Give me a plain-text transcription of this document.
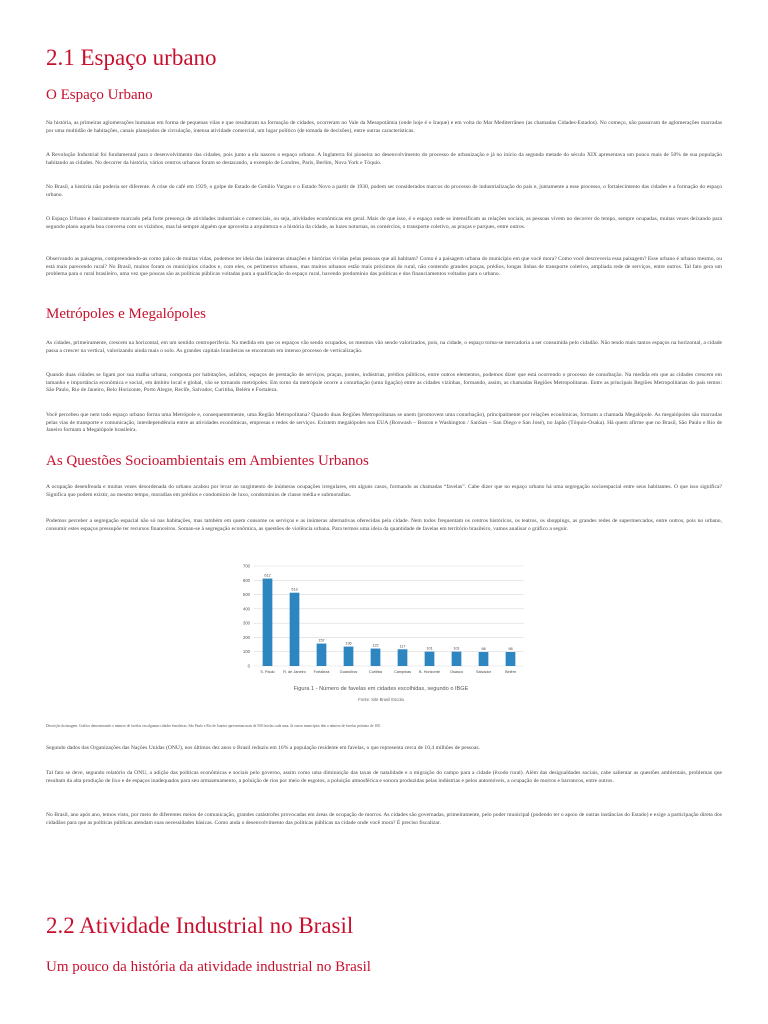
2.1 Espaço urbano
O Espaço Urbano

Na história, as primeiras aglomerações humanas em forma de pequenas vilas e que resultaram na formação de cidades, ocorreram no Vale da Mesopotâmia (onde hoje é o Iraque) e em volta do Mar Mediterrâneo (as chamadas Cidades-Estados). No começo, não passavam de aglomerações marcadas por uma multidão de habitações, canais planejados de circulação, intensa atividade comercial, um lugar político (de tomada de decisões), entre outras características.

A Revolução Industrial foi fundamental para o desenvolvimento das cidades, pois junto a ela nasceu o espaço urbano. A Inglaterra foi pioneira no desenvolvimento do processo de urbanização e já no início da segunda metade do século XIX apresentava um pouco mais de 50% de sua população habitando as cidades. No decorrer da história, vários centros urbanos foram se destacando, a exemplo de Londres, Paris, Berlim, Nova York e Tóquio.

No Brasil, a história não poderia ser diferente. A crise do café em 1929, o golpe de Estado de Getúlio Vargas e o Estado Novo a partir de 1930, podem ser considerados marcos do processo de industrialização do país e, juntamente a esse processo, o fortalecimento das cidades e a formação do espaço urbano.

O Espaço Urbano é basicamente marcado pela forte presença de atividades industriais e comerciais, ou seja, atividades econômicas em geral. Mais do que isso, é o espaço onde se intensificam as relações sociais, as pessoas vivem no decorrer do tempo, sempre ocupadas, muitas vezes deixando para segundo plano aquela boa conversa com os vizinhos, mas há sempre alguém que aproveita a arquitetura e a história da cidade, as luzes noturnas, os comércios, o transporte coletivo, as praças e parques, entre outros.

Observando as paisagens, compreendendo-as como palco de muitas vidas, podemos ter ideia das inúmeras situações e histórias vividas pelas pessoas que ali habitam? Como é a paisagem urbana do município em que você mora? Como você descreveria essa paisagem? Esse urbano é urbano mesmo, ou está mais parecendo rural? No Brasil, muitos foram os municípios criados e, com eles, os perímetros urbanos, mas muitos urbanos estão mais próximos do rural, não contendo grandes praças, prédios, longas linhas de transporte coletivo, ampliada rede de serviços, entre outros. Tal fato gera um problema para o rural brasileiro, uma vez que poucas são as políticas públicas voltadas para a qualificação do espaço rural, havendo predomínio das políticas e dos financiamentos voltados para o urbano.

Metrópoles e Megalópoles

As cidades, primeiramente, crescem na horizontal, em um sentido centroperiferia. Na medida em que os espaços vão sendo ocupados, os mesmos vão sendo valorizados, pois, na cidade, o espaço torna-se mercadoria a ser consumida pelo cidadão. Não tendo mais tantos espaços na horizontal, a cidade passa a crescer na vertical, valorizando ainda mais o solo. As grandes capitais brasileiras se encontram em intenso processo de verticalização.

Quando duas cidades se ligam por sua malha urbana, composta por habitações, asfaltos, espaços de prestação de serviços, praças, pontes, indústrias, prédios públicos, entre outros elementos, podemos dizer que está ocorrendo o processo de conurbação. Na medida em que as cidades crescem em tamanho e importância econômica e social, em âmbito local e global, vão se tornando metrópoles. Em torno da metrópole ocorre a conurbação (uma ligação) entre as cidades vizinhas, formando, assim, as chamadas Regiões Metropolitanas. Entre as principais Regiões Metropolitanas do país temos: São Paulo, Rio de Janeiro, Belo Horizonte, Porto Alegre, Recife, Salvador, Curitiba, Belém e Fortaleza.

Você percebeu que nem todo espaço urbano forma uma Metrópole e, consequentemente, uma Região Metropolitana? Quando duas Regiões Metropolitanas se unem (promovem uma conurbação), principalmente por relações econômicas, formam a chamada Megalópole. As megalópoles são marcadas pelas vias de transporte e comunicação, interdependência entre as atividades econômicas, empresas e redes de serviços. Existem megalópoles nos EUA (Boswash – Boston e Washington / SanSan – San Diego e San José), no Japão (Tóquio-Osaka). Há quem afirme que no Brasil, São Paulo e Rio de Janeiro formam a Megalópole brasileira.

As Questões Socioambientais em Ambientes Urbanos

A ocupação desenfreada e muitas vezes desordenada do urbano acabou por levar ao surgimento de inúmeras ocupações irregulares, em alguns casos, formando as chamadas “favelas”. Cabe dizer que no espaço urbano há uma segregação socioespacial entre seus habitantes. O que isso significa? Significa que podem existir, ao mesmo tempo, moradias em prédios e condomínio de luxo, condomínios de classe média e submoradias.

Podemos perceber a segregação espacial não só nas habitações, mas também em quem consome os serviços e as inúmeras alternativas oferecidas pela cidade. Nem todos frequentam os centros históricos, os teatros, os shoppings, as grandes redes de supermercados, entre outros, pois no urbano, consumir estes espaços pressupõe ter recursos financeiros. Soman-se à segregação econômica, as questões de violência urbana. Para termos uma ideia da quantidade de favelas em território brasileiro, vamos analisar o gráfico a seguir.

0
100
200
300
400
500
600
700
612
S. Paulo
513
R. de Janeiro
157
Fortaleza
136
Guarulhos
122
Curitiba
117
Campinas
101
B. Horizonte
101
Osasco
98
Salvador
98
Belém
Figura 1 - Número de favelas em cidades escolhidas, segundo o IBGE
Fonte: Site Brasil Escola

Descrição da imagem: Gráfico demonstrando o número de favelas em algumas cidades brasileiras. São Paulo e Rio de Janeiro apresentam mais de 500 favelas cada uma. Já outros municípios têm o número de favelas próximo de 100.

Segundo dados das Organizações das Nações Unidas (ONU), nos últimos dez anos o Brasil reduziu em 16% a população residente em favelas, o que representa cerca de 10,4 milhões de pessoas.

Tal fato se deve, segundo relatório da ONU, a adição das políticas econômicas e sociais pelo governo, assim como uma diminuição das taxas de natalidade e a migração do campo para a cidade (êxodo rural). Além das desigualdades sociais, cabe salientar as questões ambientais, problemas que resultam da alta produção de lixo e de espaços inadequados para seu armazenamento, a poluição de rios por meio de esgotos, a poluição atmosférica e sonora produzidas pelas indústrias e pelos automóveis, a ocupação de morros e barrancos, entre outros.

No Brasil, ano após ano, temos visto, por meio de diferentes meios de comunicação, grandes catástrofes provocadas em áreas de ocupação de morros. As cidades são governadas, primeiramente, pelo poder municipal (podendo ter o apoio de outras instâncias do Estado) e exige a participação direta dos cidadãos para que as políticas públicas atendam suas necessidades básicas. Como anda o desenvolvimento das políticas públicas na cidade onde você mora? É preciso fiscalizar.

2.2 Atividade Industrial no Brasil
Um pouco da história da atividade industrial no Brasil
